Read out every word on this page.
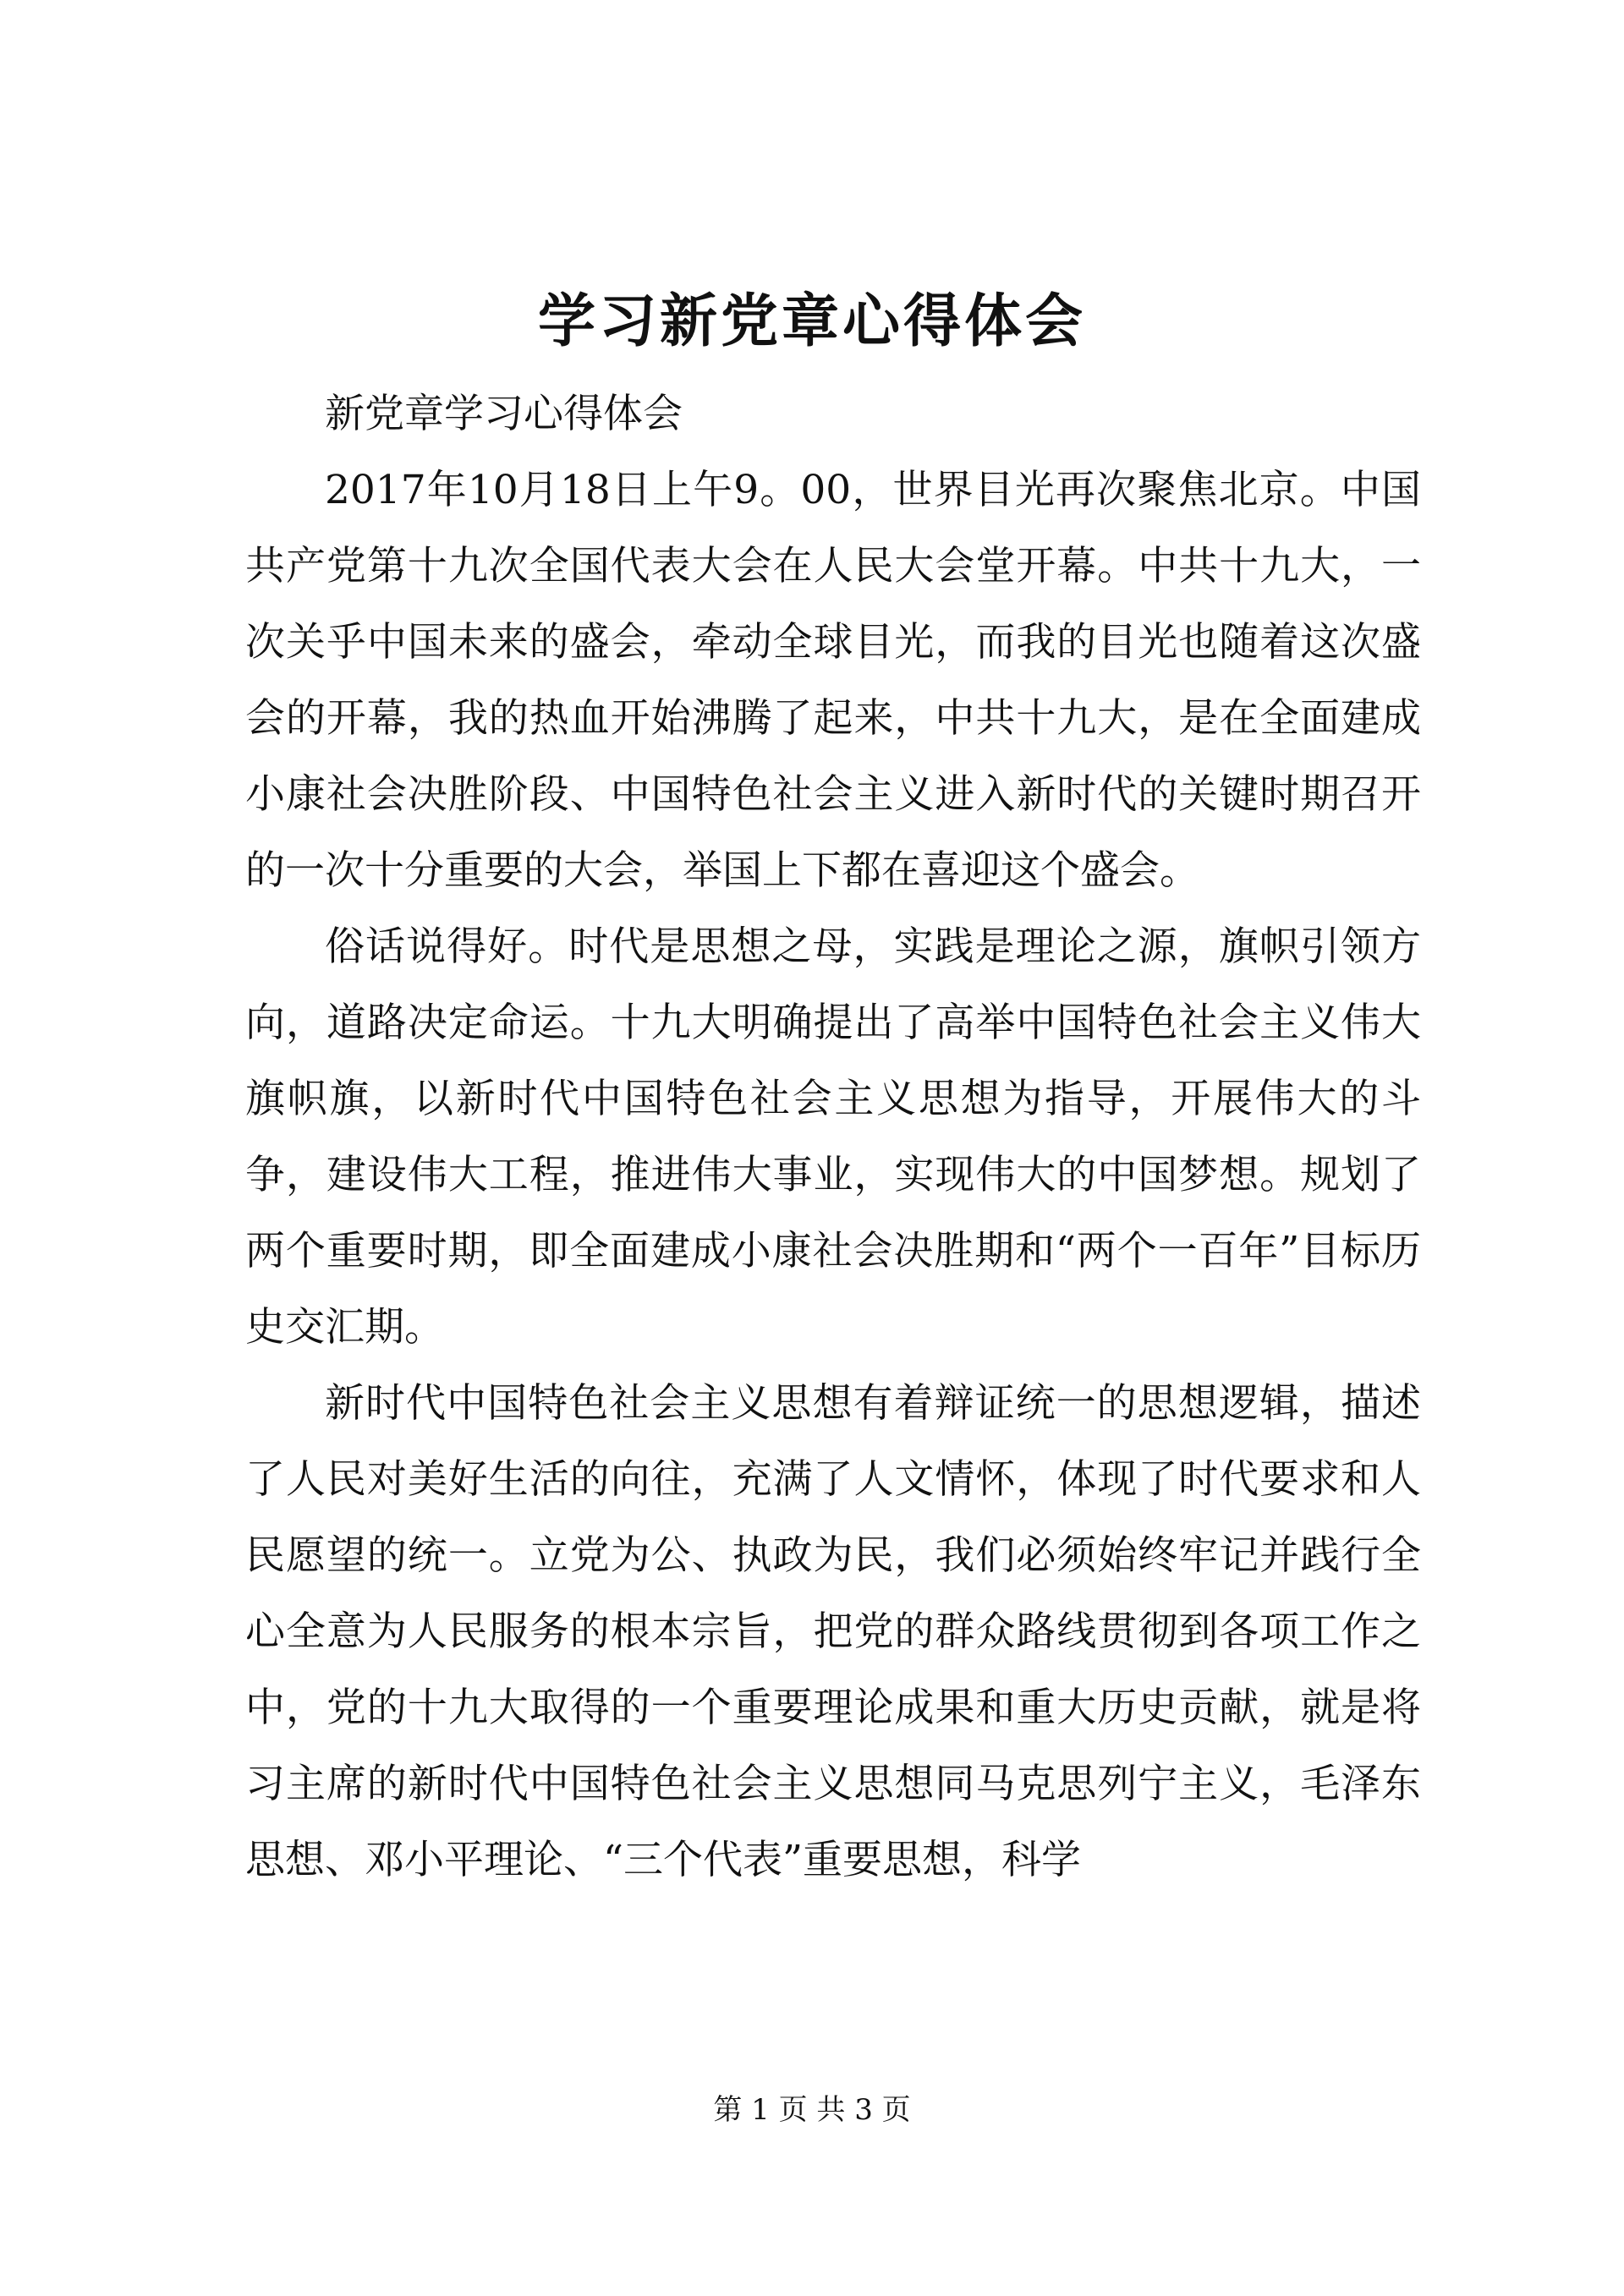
学习新党章心得体会

新党章学习心得体会

2017年10月18日上午9。00，世界目光再次聚焦北京。中国共产党第十九次全国代表大会在人民大会堂开幕。中共十九大，一次关乎中国未来的盛会，牵动全球目光，而我的目光也随着这次盛会的开幕，我的热血开始沸腾了起来，中共十九大，是在全面建成小康社会决胜阶段、中国特色社会主义进入新时代的关键时期召开的一次十分重要的大会，举国上下都在喜迎这个盛会。

俗话说得好。时代是思想之母，实践是理论之源，旗帜引领方向，道路决定命运。十九大明确提出了高举中国特色社会主义伟大旗帜旗，以新时代中国特色社会主义思想为指导，开展伟大的斗争，建设伟大工程，推进伟大事业，实现伟大的中国梦想。规划了两个重要时期，即全面建成小康社会决胜期和“两个一百年”目标历史交汇期。

新时代中国特色社会主义思想有着辩证统一的思想逻辑，描述了人民对美好生活的向往，充满了人文情怀，体现了时代要求和人民愿望的统一。立党为公、执政为民，我们必须始终牢记并践行全心全意为人民服务的根本宗旨，把党的群众路线贯彻到各项工作之中，党的十九大取得的一个重要理论成果和重大历史贡献，就是将习主席的新时代中国特色社会主义思想同马克思列宁主义，毛泽东思想、邓小平理论、“三个代表”重要思想，科学

第 1 页 共 3 页
